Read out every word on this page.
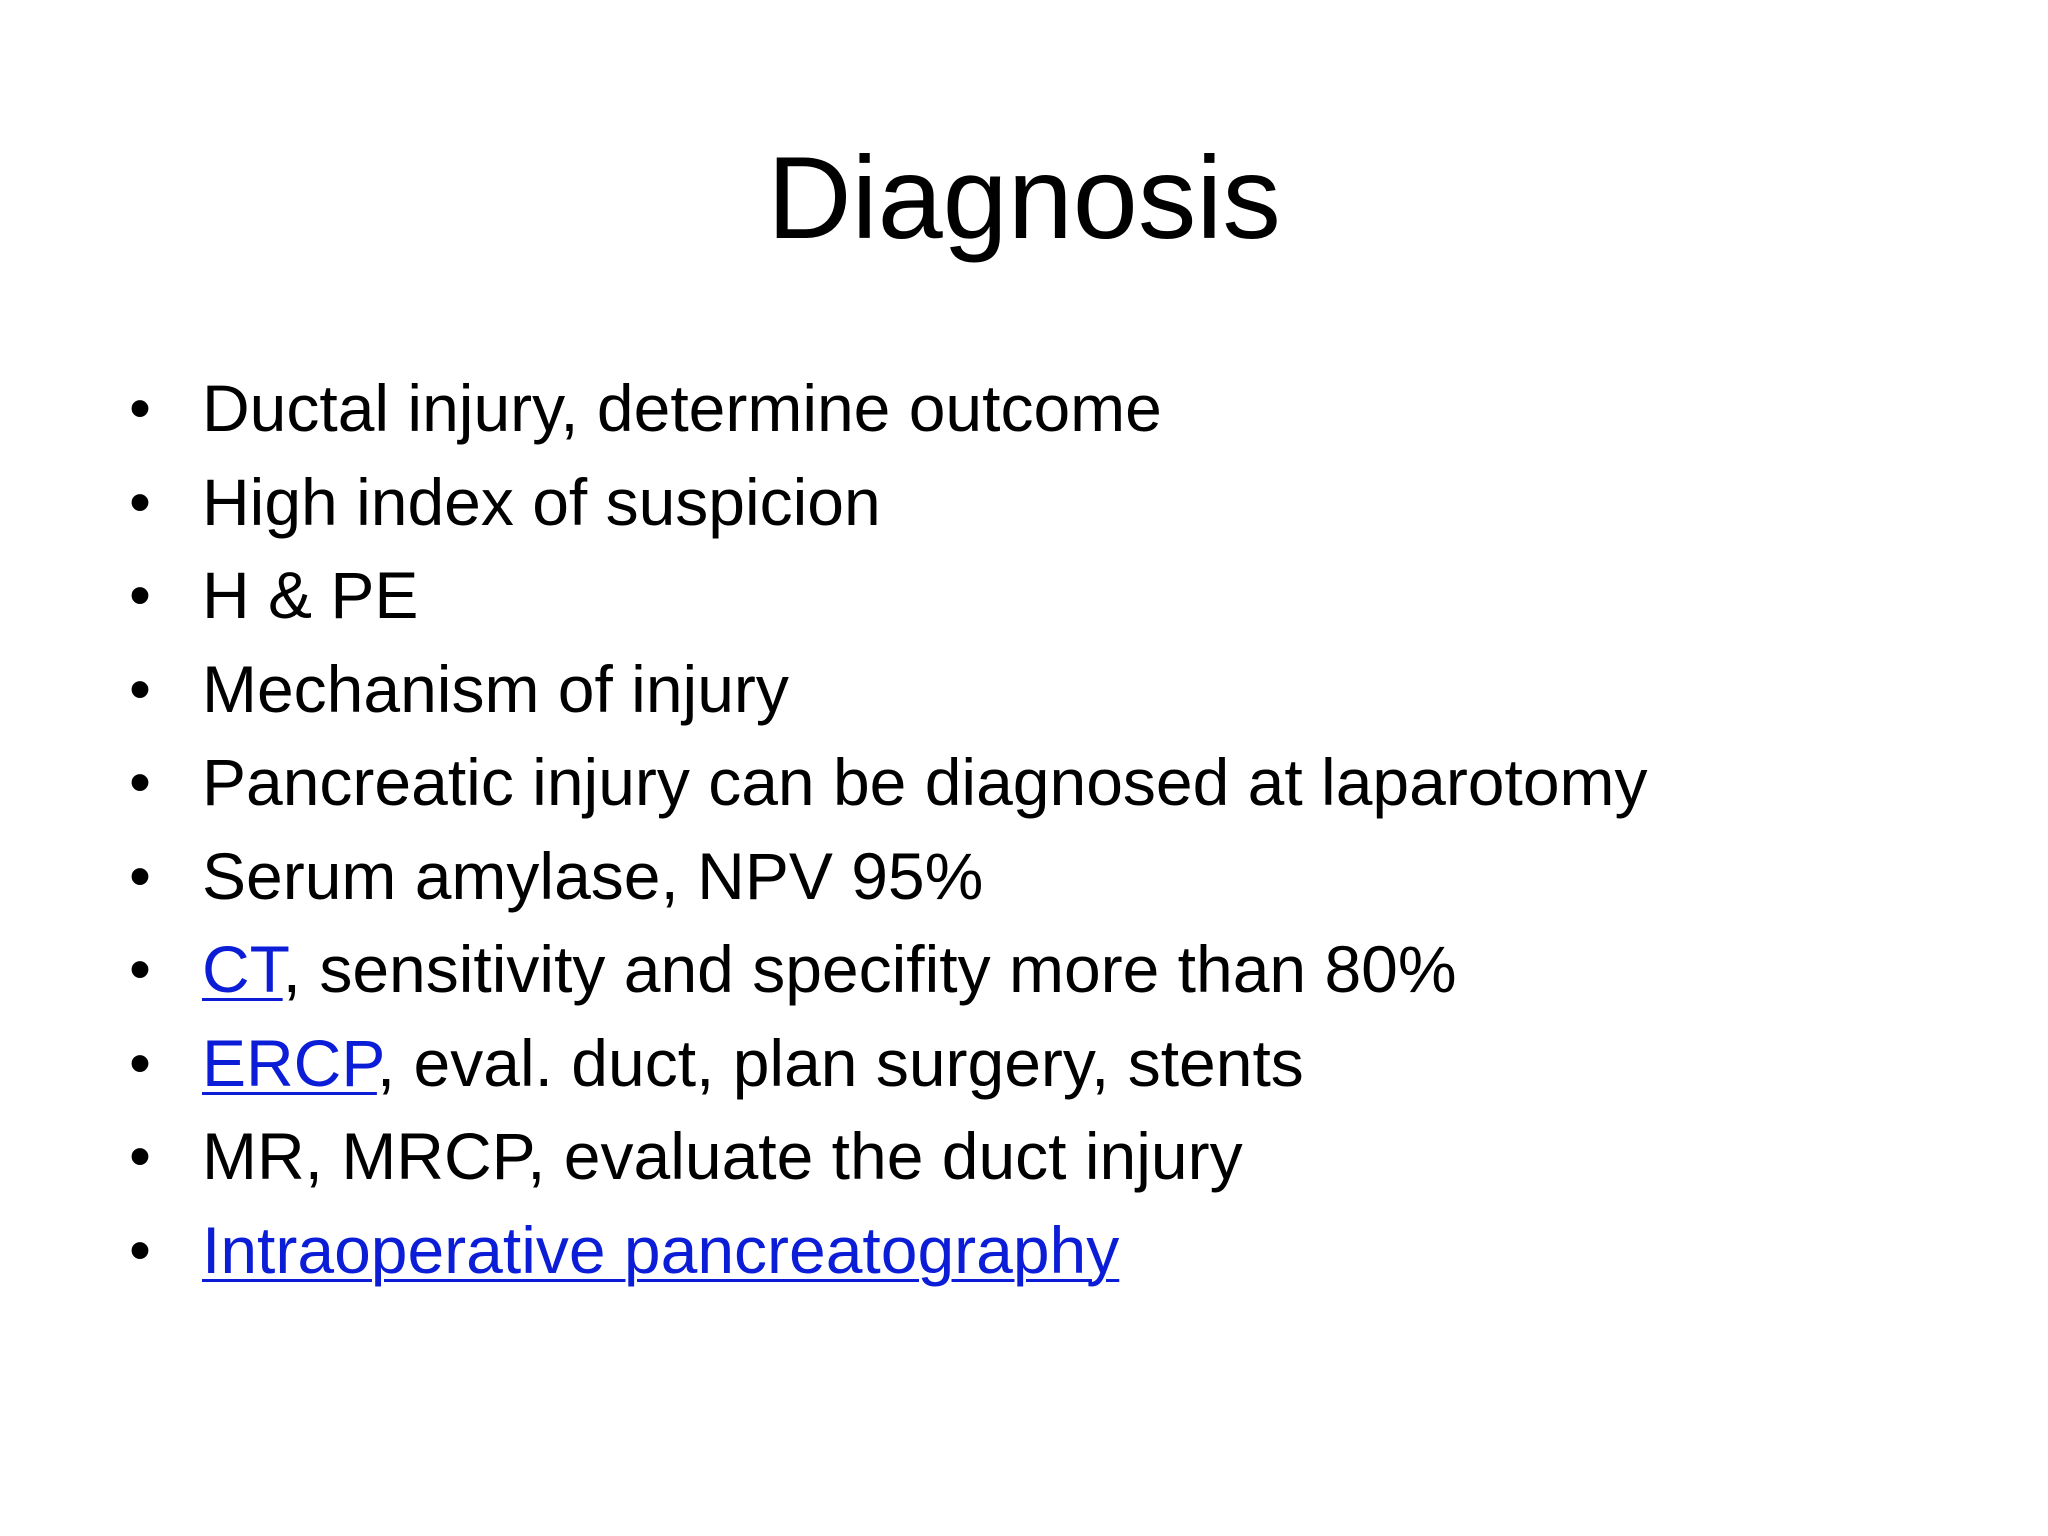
Diagnosis
• Ductal injury, determine outcome
• High index of suspicion
• H & PE
• Mechanism of injury
• Pancreatic injury can be diagnosed at laparotomy
• Serum amylase, NPV 95%
• CT, sensitivity and specifity more than 80%
• ERCP, eval. duct, plan surgery, stents
• MR, MRCP, evaluate the duct injury
• Intraoperative pancreatography
